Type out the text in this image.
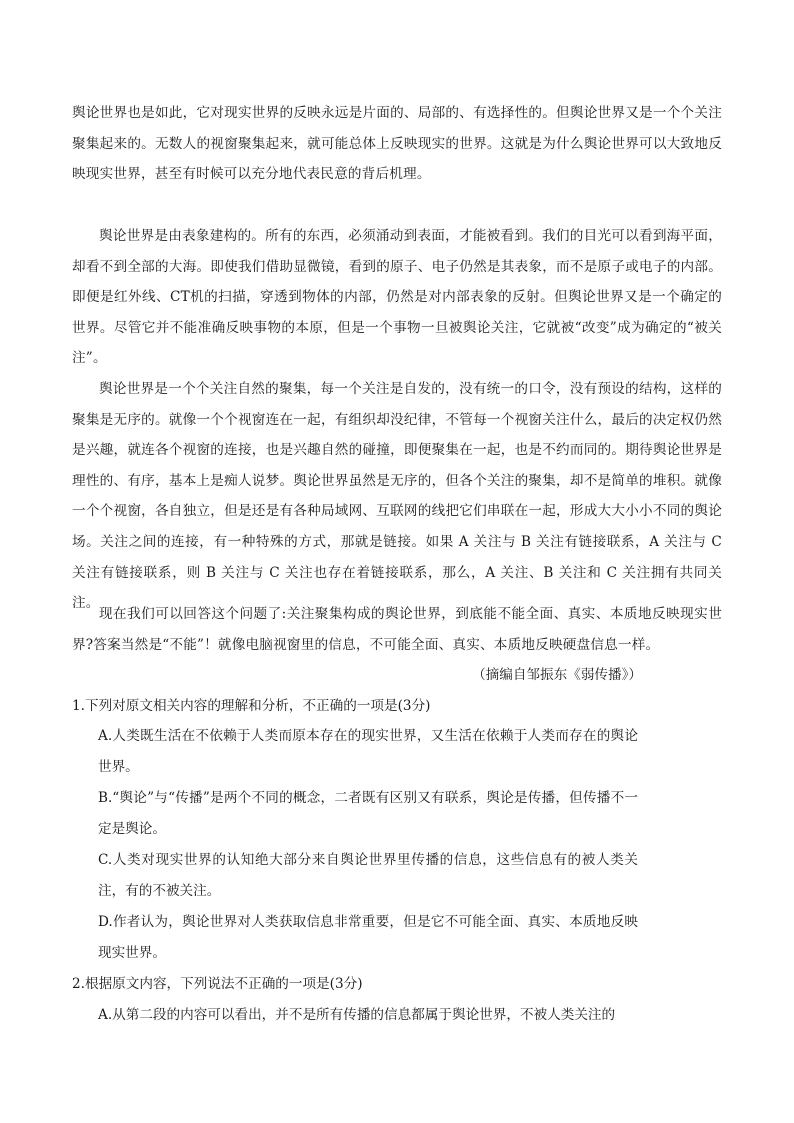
舆论世界也是如此，它对现实世界的反映永远是片面的、局部的、有选择性的。但舆论世界又是一个个关注聚集起来的。无数人的视窗聚集起来，就可能总体上反映现实的世界。这就是为什么舆论世界可以大致地反映现实世界，甚至有时候可以充分地代表民意的背后机理。

舆论世界是由表象建构的。所有的东西，必须涌动到表面，才能被看到。我们的目光可以看到海平面，却看不到全部的大海。即使我们借助显微镜，看到的原子、电子仍然是其表象，而不是原子或电子的内部。即便是红外线、CT机的扫描，穿透到物体的内部，仍然是对内部表象的反射。但舆论世界又是一个确定的世界。尽管它并不能准确反映事物的本原，但是一个事物一旦被舆论关注，它就被“改变”成为确定的“被关注”。

舆论世界是一个个关注自然的聚集，每一个关注是自发的，没有统一的口令，没有预设的结构，这样的聚集是无序的。就像一个个视窗连在一起，有组织却没纪律，不管每一个视窗关注什么，最后的决定权仍然是兴趣，就连各个视窗的连接，也是兴趣自然的碰撞，即便聚集在一起，也是不约而同的。期待舆论世界是理性的、有序，基本上是痴人说梦。舆论世界虽然是无序的，但各个关注的聚集，却不是简单的堆积。就像一个个视窗，各自独立，但是还是有各种局域网、互联网的线把它们串联在一起，形成大大小小不同的舆论场。关注之间的连接，有一种特殊的方式，那就是链接。如果 A 关注与 B 关注有链接联系，A 关注与 C 关注有链接联系，则 B 关注与 C 关注也存在着链接联系，那么，A 关注、B 关注和 C 关注拥有共同关注。

现在我们可以回答这个问题了:关注聚集构成的舆论世界，到底能不能全面、真实、本质地反映现实世界?答案当然是“不能”！就像电脑视窗里的信息，不可能全面、真实、本质地反映硬盘信息一样。

（摘编自邹振东《弱传播》）

1.下列对原文相关内容的理解和分析，不正确的一项是(3分)

A.人类既生活在不依赖于人类而原本存在的现实世界，又生活在依赖于人类而存在的舆论世界。

B.“舆论”与“传播”是两个不同的概念，二者既有区别又有联系，舆论是传播，但传播不一定是舆论。

C.人类对现实世界的认知绝大部分来自舆论世界里传播的信息，这些信息有的被人类关注，有的不被关注。

D.作者认为，舆论世界对人类获取信息非常重要，但是它不可能全面、真实、本质地反映现实世界。

2.根据原文内容，下列说法不正确的一项是(3分)

A.从第二段的内容可以看出，并不是所有传播的信息都属于舆论世界，不被人类关注的
